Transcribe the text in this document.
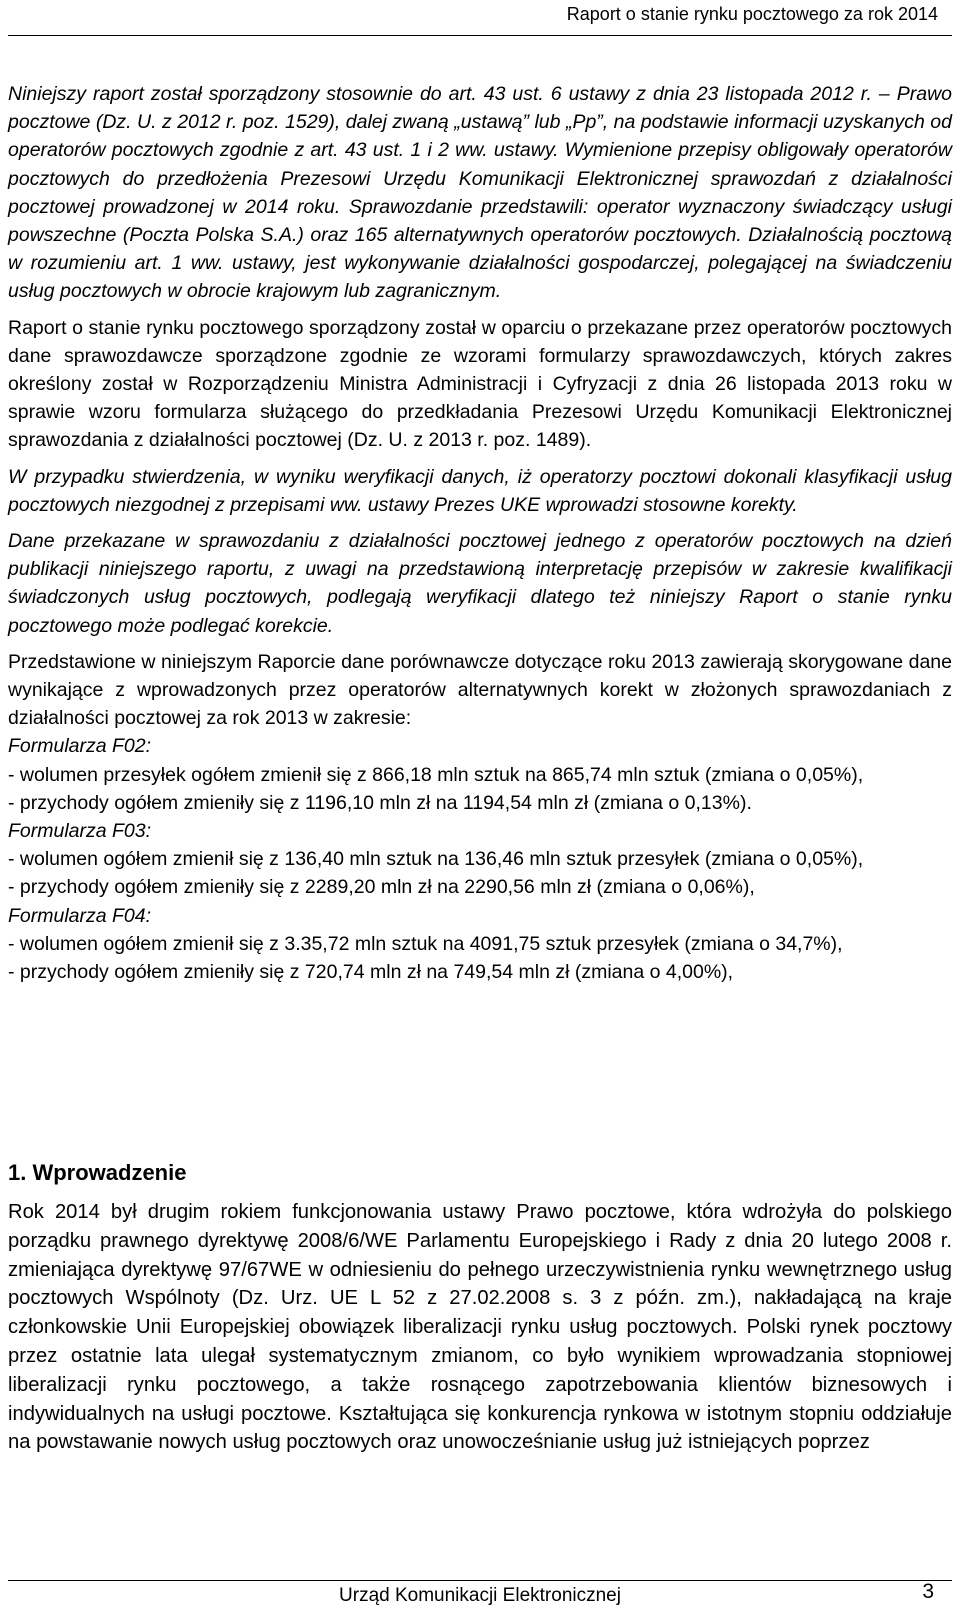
Raport o stanie rynku pocztowego za rok 2014

Niniejszy raport został sporządzony stosownie do art. 43 ust. 6 ustawy z dnia 23 listopada 2012 r. – Prawo pocztowe (Dz. U. z 2012 r. poz. 1529), dalej zwaną „ustawą” lub „Pp”, na podstawie informacji uzyskanych od operatorów pocztowych zgodnie z art. 43 ust. 1 i 2 ww. ustawy. Wymienione przepisy obligowały operatorów pocztowych do przedłożenia Prezesowi Urzędu Komunikacji Elektronicznej sprawozdań z działalności pocztowej prowadzonej w 2014 roku. Sprawozdanie przedstawili: operator wyznaczony świadczący usługi powszechne (Poczta Polska S.A.) oraz 165 alternatywnych operatorów pocztowych. Działalnością pocztową w rozumieniu art. 1 ww. ustawy, jest wykonywanie działalności gospodarczej, polegającej na świadczeniu usług pocztowych w obrocie krajowym lub zagranicznym.

Raport o stanie rynku pocztowego sporządzony został w oparciu o przekazane przez operatorów pocztowych dane sprawozdawcze sporządzone zgodnie ze wzorami formularzy sprawozdawczych, których zakres określony został w Rozporządzeniu Ministra Administracji i Cyfryzacji z dnia 26 listopada 2013 roku w sprawie wzoru formularza służącego do przedkładania Prezesowi Urzędu Komunikacji Elektronicznej sprawozdania z działalności pocztowej (Dz. U. z 2013 r. poz. 1489).

W przypadku stwierdzenia, w wyniku weryfikacji danych, iż operatorzy pocztowi dokonali klasyfikacji usług pocztowych niezgodnej z przepisami ww. ustawy Prezes UKE wprowadzi stosowne korekty.

Dane przekazane w sprawozdaniu z działalności pocztowej jednego z operatorów pocztowych na dzień publikacji niniejszego raportu, z uwagi na przedstawioną interpretację przepisów w zakresie kwalifikacji świadczonych usług pocztowych, podlegają weryfikacji dlatego też niniejszy Raport o stanie rynku pocztowego może podlegać korekcie.

Przedstawione w niniejszym Raporcie dane porównawcze dotyczące roku 2013 zawierają skorygowane dane wynikające z wprowadzonych przez operatorów alternatywnych korekt w złożonych sprawozdaniach z działalności pocztowej za rok 2013 w zakresie:

Formularza F02:

- wolumen przesyłek ogółem zmienił się z 866,18 mln sztuk na 865,74 mln sztuk (zmiana o 0,05%),

- przychody ogółem zmieniły się z 1196,10 mln zł na 1194,54 mln zł (zmiana o 0,13%).

Formularza F03:

- wolumen ogółem zmienił się z 136,40 mln sztuk na 136,46 mln sztuk przesyłek (zmiana o 0,05%),

- przychody ogółem zmieniły się z 2289,20 mln zł na 2290,56 mln zł (zmiana o 0,06%),

Formularza F04:

- wolumen ogółem zmienił się z 3.35,72 mln sztuk na 4091,75 sztuk przesyłek (zmiana o 34,7%),

- przychody ogółem zmieniły się z 720,74 mln zł na 749,54 mln zł (zmiana o 4,00%),

1. Wprowadzenie

Rok 2014 był drugim rokiem funkcjonowania ustawy Prawo pocztowe, która wdrożyła do polskiego porządku prawnego dyrektywę 2008/6/WE Parlamentu Europejskiego i Rady z dnia 20 lutego 2008 r. zmieniająca dyrektywę 97/67WE w odniesieniu do pełnego urzeczywistnienia rynku wewnętrznego usług pocztowych Wspólnoty (Dz. Urz. UE L 52 z 27.02.2008 s. 3 z późn. zm.), nakładającą na kraje członkowskie Unii Europejskiej obowiązek liberalizacji rynku usług pocztowych. Polski rynek pocztowy przez ostatnie lata ulegał systematycznym zmianom, co było wynikiem wprowadzania stopniowej liberalizacji rynku pocztowego, a także rosnącego zapotrzebowania klientów biznesowych i indywidualnych na usługi pocztowe. Kształtująca się konkurencja rynkowa w istotnym stopniu oddziałuje na powstawanie nowych usług pocztowych oraz unowocześnianie usług już istniejących poprzez

Urząd Komunikacji Elektronicznej	3
